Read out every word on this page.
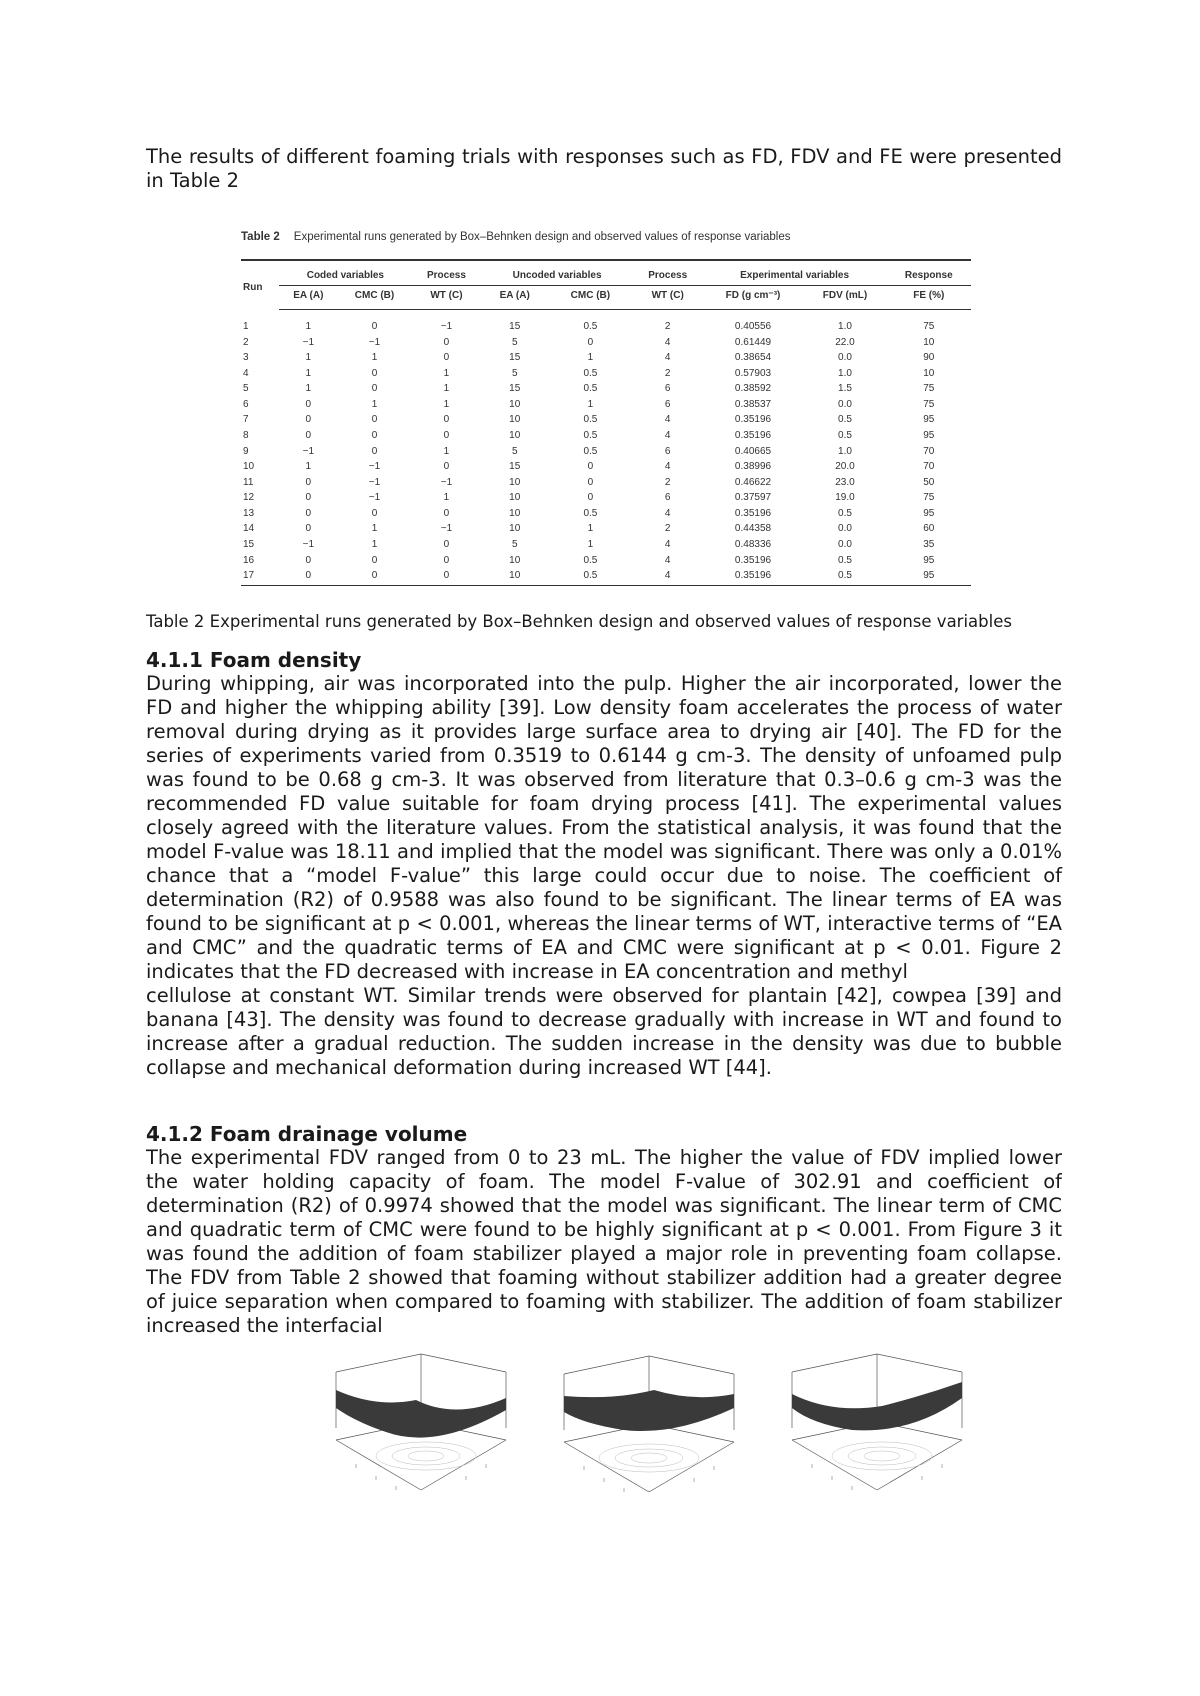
The results of different foaming trials with responses such as FD, FDV and FE were presented in Table 2

Table 2 Experimental runs generated by Box–Behnken design and observed values of response variables

Run	Coded variables		Process	Uncoded variables		Process	Experimental variables		Response
	EA (A)	CMC (B)	WT (C)	EA (A)	CMC (B)	WT (C)	FD (g cm⁻³)	FDV (mL)	FE (%)
1	1	0	−1	15	0.5	2	0.40556	1.0	75
2	−1	−1	0	5	0	4	0.61449	22.0	10
3	1	1	0	15	1	4	0.38654	0.0	90
4	1	0	1	5	0.5	2	0.57903	1.0	10
5	1	0	1	15	0.5	6	0.38592	1.5	75
6	0	1	1	10	1	6	0.38537	0.0	75
7	0	0	0	10	0.5	4	0.35196	0.5	95
8	0	0	0	10	0.5	4	0.35196	0.5	95
9	−1	0	1	5	0.5	6	0.40665	1.0	70
10	1	−1	0	15	0	4	0.38996	20.0	70
11	0	−1	−1	10	0	2	0.46622	23.0	50
12	0	−1	1	10	0	6	0.37597	19.0	75
13	0	0	0	10	0.5	4	0.35196	0.5	95
14	0	1	−1	10	1	2	0.44358	0.0	60
15	−1	1	0	5	1	4	0.48336	0.0	35
16	0	0	0	10	0.5	4	0.35196	0.5	95
17	0	0	0	10	0.5	4	0.35196	0.5	95
Table 2 Experimental runs generated by Box–Behnken design and observed values of response variables
4.1.1 Foam density

During whipping, air was incorporated into the pulp. Higher the air incorporated, lower the FD and higher the whipping ability [39]. Low density foam accelerates the process of water removal during drying as it provides large surface area to drying air [40]. The FD for the series of experiments varied from 0.3519 to 0.6144 g cm-3. The density of unfoamed pulp was found to be 0.68 g cm-3. It was observed from literature that 0.3–0.6 g cm-3 was the recommended FD value suitable for foam drying process [41]. The experimental values closely agreed with the literature values. From the statistical analysis, it was found that the model F-value was 18.11 and implied that the model was significant. There was only a 0.01% chance that a “model F-value” this large could occur due to noise. The coefficient of determination (R2) of 0.9588 was also found to be significant. The linear terms of EA was found to be significant at p < 0.001, whereas the linear terms of WT, interactive terms of “EA and CMC” and the quadratic terms of EA and CMC were significant at p < 0.01. Figure 2 indicates that the FD decreased with increase in EA concentration and methyl

cellulose at constant WT. Similar trends were observed for plantain [42], cowpea [39] and banana [43]. The density was found to decrease gradually with increase in WT and found to increase after a gradual reduction. The sudden increase in the density was due to bubble collapse and mechanical deformation during increased WT [44].

4.1.2 Foam drainage volume

The experimental FDV ranged from 0 to 23 mL. The higher the value of FDV implied lower the water holding capacity of foam. The model F-value of 302.91 and coefficient of determination (R2) of 0.9974 showed that the model was significant. The linear term of CMC and quadratic term of CMC were found to be highly significant at p < 0.001. From Figure 3 it was found the addition of foam stabilizer played a major role in preventing foam collapse. The FDV from Table 2 showed that foaming without stabilizer addition had a greater degree of juice separation when compared to foaming with stabilizer. The addition of foam stabilizer increased the interfacial
